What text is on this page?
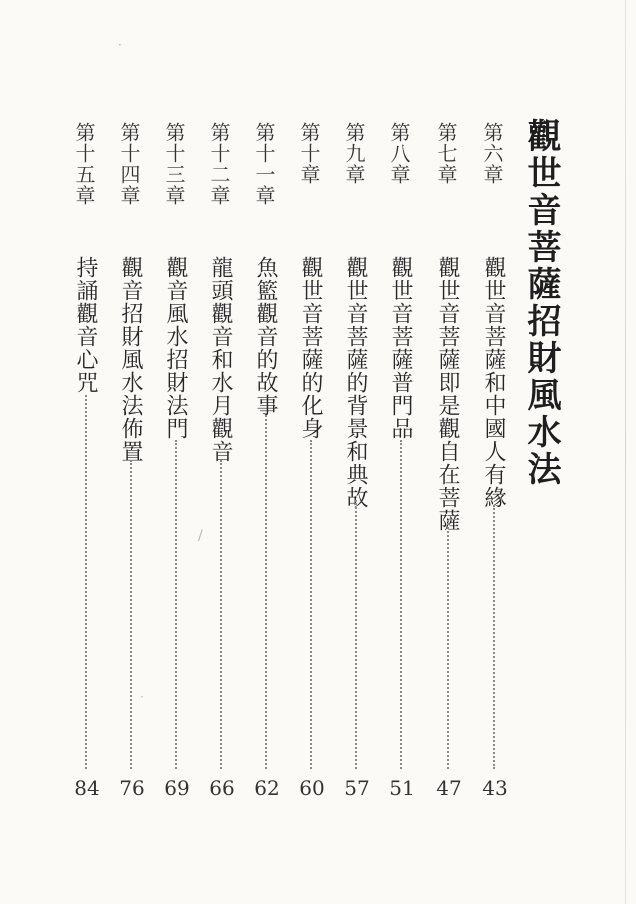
·
/
·
觀世音菩薩招財風水法
第六章
觀世音菩薩和中國人有緣
43
第七章
觀世音菩薩即是觀自在菩薩
47
第八章
觀世音菩薩普門品
51
第九章
觀世音菩薩的背景和典故
57
第十章
觀世音菩薩的化身
60
第十一章
魚籃觀音的故事
62
第十二章
龍頭觀音和水月觀音
66
第十三章
觀音風水招財法門
69
第十四章
觀音招財風水法佈置
76
第十五章
持誦觀音心咒
84
